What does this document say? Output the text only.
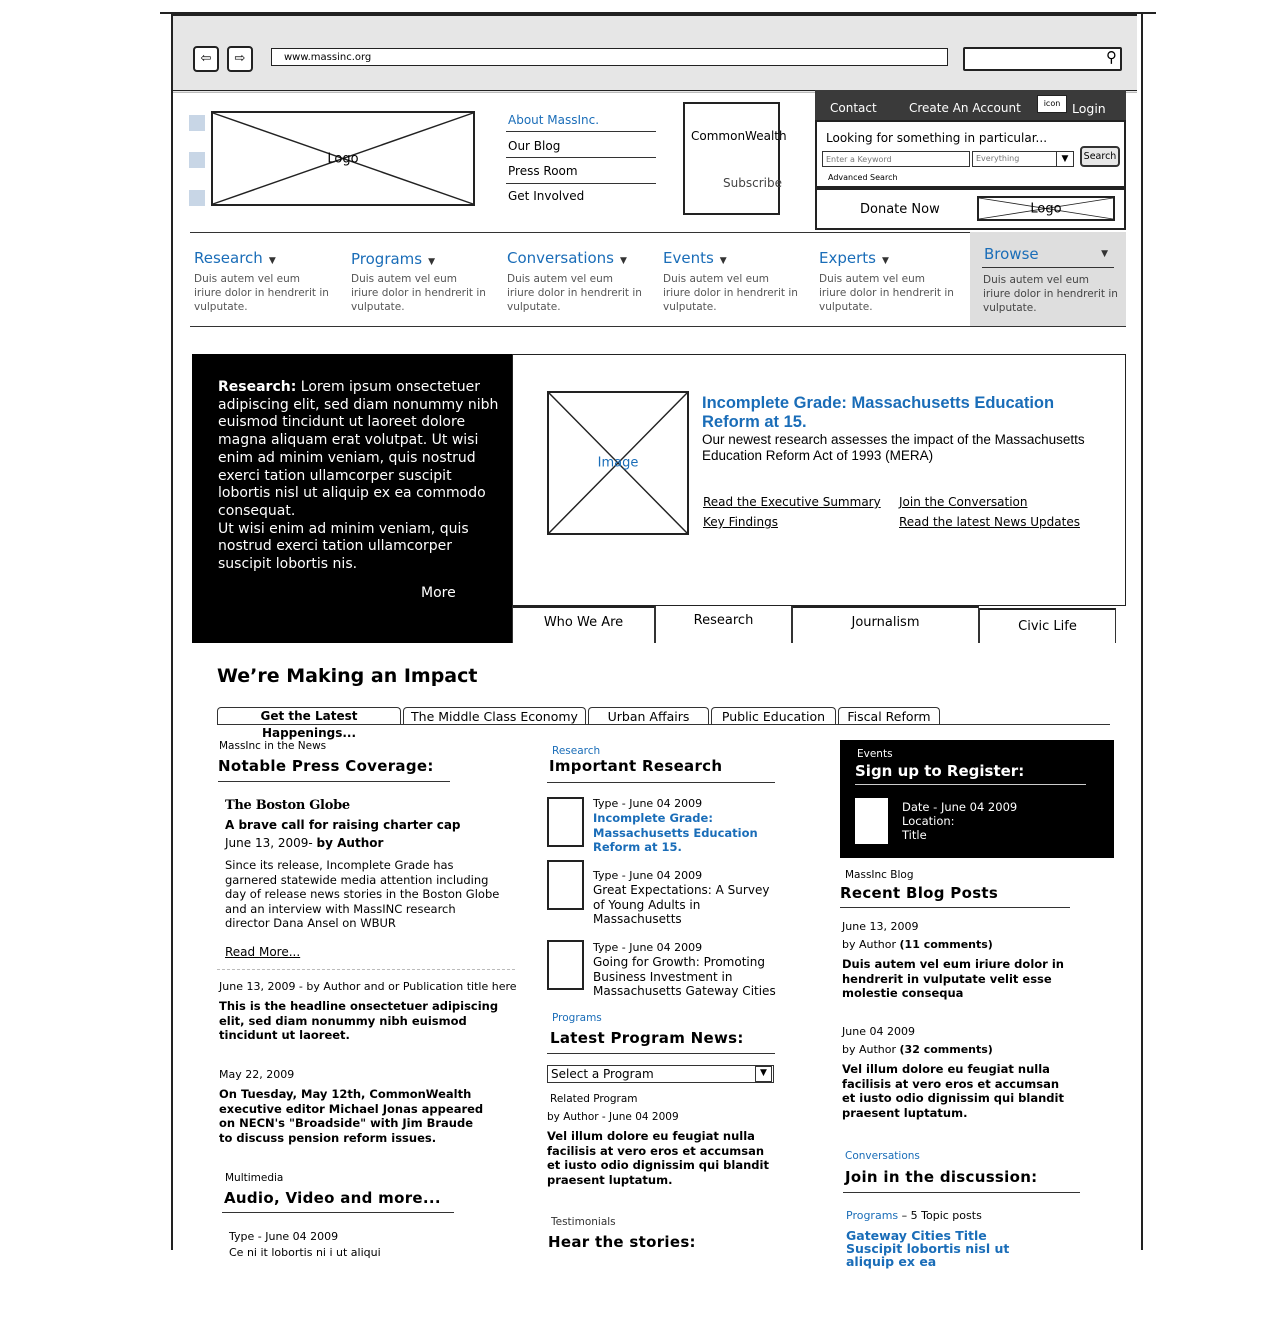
⇦	⇨	www.massinc.org	⚲
Logo
About MassInc.
Our Blog
Press Room
Get Involved
CommonWealth
Subscribe
Contact	Create An Account	icon Login
Looking for something in particular...
Enter a Keyword	Everything	▼	Search
Advanced Search
Donate Now	Logo
Research ▼
Duis autem vel eum iriure dolor in hendrerit in vulputate.
Programs ▼
Duis autem vel eum iriure dolor in hendrerit in vulputate.
Conversations ▼
Duis autem vel eum iriure dolor in hendrerit in vulputate.
Events ▼
Duis autem vel eum iriure dolor in hendrerit in vulputate.
Experts ▼
Duis autem vel eum iriure dolor in hendrerit in vulputate.
Browse	▼
Duis autem vel eum iriure dolor in hendrerit in vulputate.
Research: Lorem ipsum onsectetuer adipiscing elit, sed diam nonummy nibh euismod tincidunt ut laoreet dolore magna aliquam erat volutpat. Ut wisi enim ad minim veniam, quis nostrud exerci tation ullamcorper suscipit lobortis nisl ut aliquip ex ea commodo consequat.
Ut wisi enim ad minim veniam, quis nostrud exerci tation ullamcorper suscipit lobortis nis.
More
Image
Incomplete Grade: Massachusetts Education Reform at 15.
Our newest research assesses the impact of the Massachusetts Education Reform Act of 1993 (MERA)
Read the Executive Summary
Key Findings
Join the Conversation
Read the latest News Updates
Who We Are	Research	Journalism	Civic Life
We’re Making an Impact
Get the Latest Happenings...
The Middle Class Economy	Urban Affairs	Public Education	Fiscal Reform
MassInc in the News
Notable Press Coverage:
The Boston Globe
A brave call for raising charter cap
June 13, 2009- by Author
Since its release, Incomplete Grade has garnered statewide media attention including day of release news stories in the Boston Globe and an interview with MassINC research director Dana Ansel on WBUR
Read More...
June 13, 2009 - by Author and or Publication title here
This is the headline onsectetuer adipiscing elit, sed diam nonummy nibh euismod tincidunt ut laoreet.
May 22, 2009
On Tuesday, May 12th, CommonWealth executive editor Michael Jonas appeared on NECN's "Broadside" with Jim Braude to discuss pension reform issues.
Multimedia
Audio, Video and more...
Type - June 04 2009
Ce ni it lobortis ni i ut aliqui
Research
Important Research
Type - June 04 2009
Incomplete Grade: Massachusetts Education Reform at 15.
Type - June 04 2009
Great Expectations: A Survey of Young Adults in Massachusetts
Type - June 04 2009
Going for Growth: Promoting Business Investment in Massachusetts Gateway Cities
Programs
Latest Program News:
Select a Program	▼
Related Program
by Author - June 04 2009
Vel illum dolore eu feugiat nulla facilisis at vero eros et accumsan et iusto odio dignissim qui blandit praesent luptatum.
Testimonials
Hear the stories:
Events
Sign up to Register:
Date - June 04 2009
Location:
Title
MassInc Blog
Recent Blog Posts
June 13, 2009
by Author (11 comments)
Duis autem vel eum iriure dolor in hendrerit in vulputate velit esse molestie consequa
June 04 2009
by Author (32 comments)
Vel illum dolore eu feugiat nulla facilisis at vero eros et accumsan et iusto odio dignissim qui blandit praesent luptatum.
Conversations
Join in the discussion:
Programs – 5 Topic posts
Gateway Cities Title Suscipit lobortis nisl ut aliquip ex ea
